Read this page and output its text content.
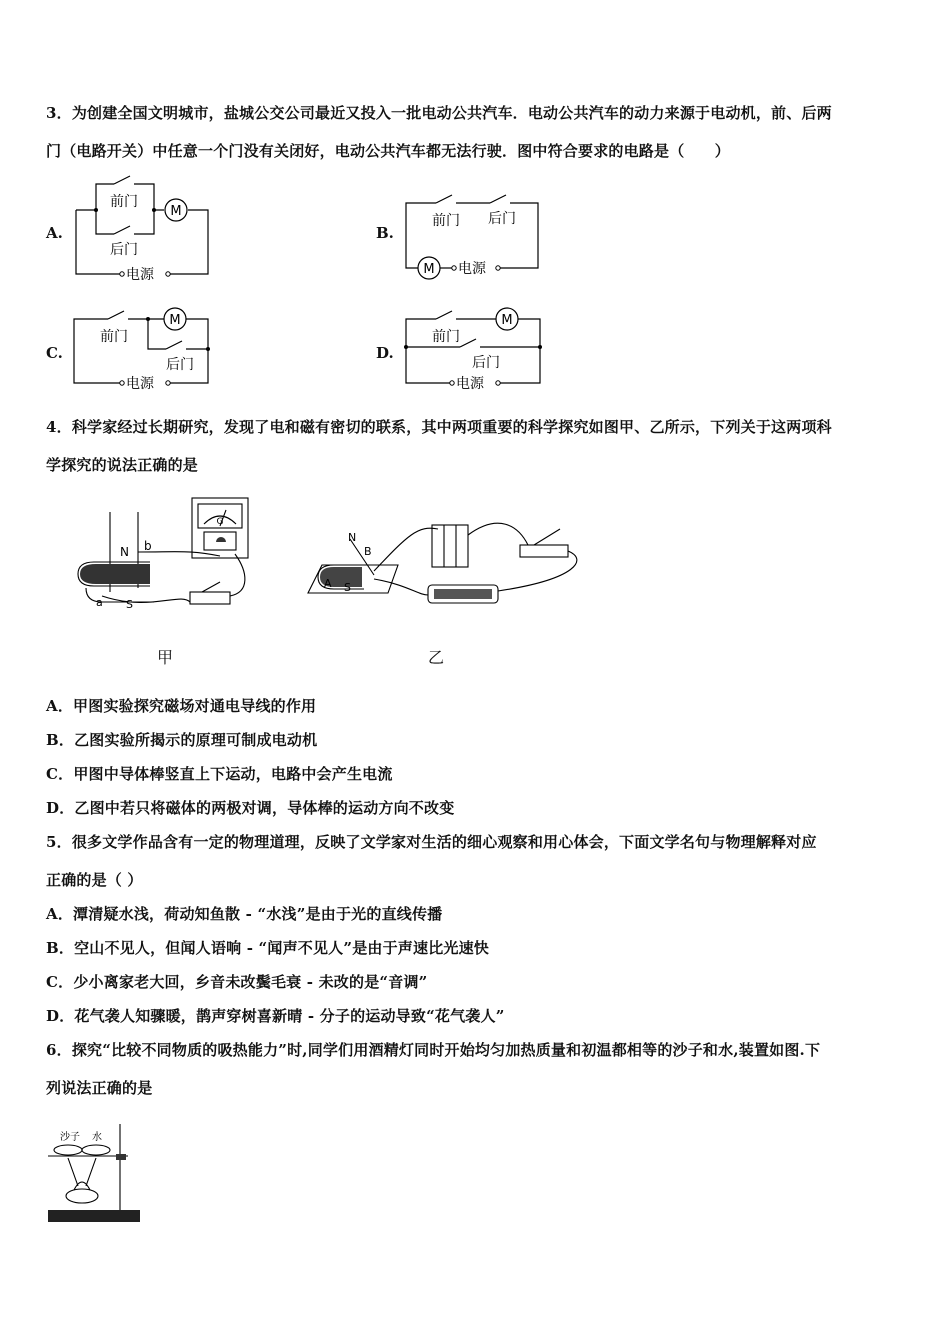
3．为创建全国文明城市，盐城公交公司最近又投入一批电动公共汽车．电动公共汽车的动力来源于电动机，前、后两
门（电路开关）中任意一个门没有关闭好，电动公共汽车都无法行驶．图中符合要求的电路是（　　）
A.
M
前门
后门
电源
B.
M
前门 后门
电源
C.
M
前门
后门
电源
D.
M
前门
后门
电源
4．科学家经过长期研究，发现了电和磁有密切的联系，其中两项重要的科学探究如图甲、乙所示，下列关于这两项科
学探究的说法正确的是
G
N b
a S
甲
N
B
A S
乙
A．甲图实验探究磁场对通电导线的作用
B．乙图实验所揭示的原理可制成电动机
C．甲图中导体棒竖直上下运动，电路中会产生电流
D．乙图中若只将磁体的两极对调，导体棒的运动方向不改变
5．很多文学作品含有一定的物理道理，反映了文学家对生活的细心观察和用心体会，下面文学名句与物理解释对应
正确的是（ ）
A．潭清疑水浅，荷动知鱼散 - “水浅”是由于光的直线传播
B．空山不见人，但闻人语响 - “闻声不见人”是由于声速比光速快
C．少小离家老大回，乡音未改鬓毛衰 - 未改的是“音调”
D．花气袭人知骤暖，鹊声穿树喜新晴 - 分子的运动导致“花气袭人”
6．探究“比较不同物质的吸热能力”时,同学们用酒精灯同时开始均匀加热质量和初温都相等的沙子和水,装置如图.下
列说法正确的是
沙子 水
